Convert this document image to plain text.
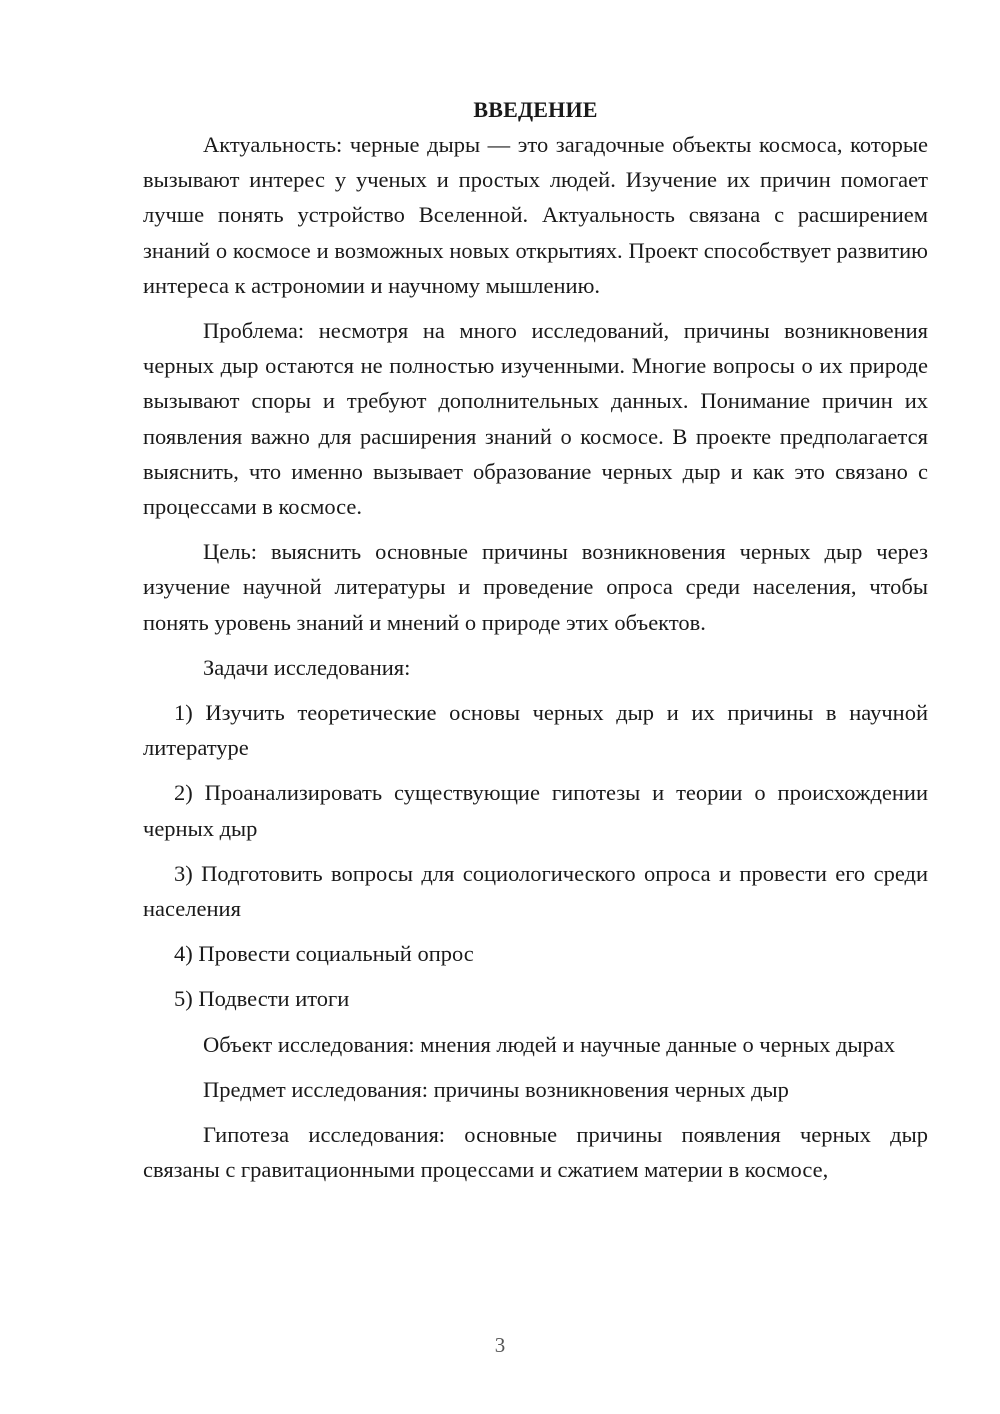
ВВЕДЕНИЕ

Актуальность: черные дыры — это загадочные объекты космоса, которые вызывают интерес у ученых и простых людей. Изучение их причин помогает лучше понять устройство Вселенной. Актуальность связана с расширением знаний о космосе и возможных новых открытиях. Проект способствует развитию интереса к астрономии и научному мышлению.

Проблема: несмотря на много исследований, причины возникновения черных дыр остаются не полностью изученными. Многие вопросы о их природе вызывают споры и требуют дополнительных данных. Понимание причин их появления важно для расширения знаний о космосе. В проекте предполагается выяснить, что именно вызывает образование черных дыр и как это связано с процессами в космосе.

Цель: выяснить основные причины возникновения черных дыр через изучение научной литературы и проведение опроса среди населения, чтобы понять уровень знаний и мнений о природе этих объектов.

Задачи исследования:

1) Изучить теоретические основы черных дыр и их причины в научной литературе

2) Проанализировать существующие гипотезы и теории о происхождении черных дыр

3) Подготовить вопросы для социологического опроса и провести его среди населения

4) Провести социальный опрос

5) Подвести итоги

Объект исследования: мнения людей и научные данные о черных дырах

Предмет исследования: причины возникновения черных дыр

Гипотеза исследования: основные причины появления черных дыр связаны с гравитационными процессами и сжатием материи в космосе,

3
